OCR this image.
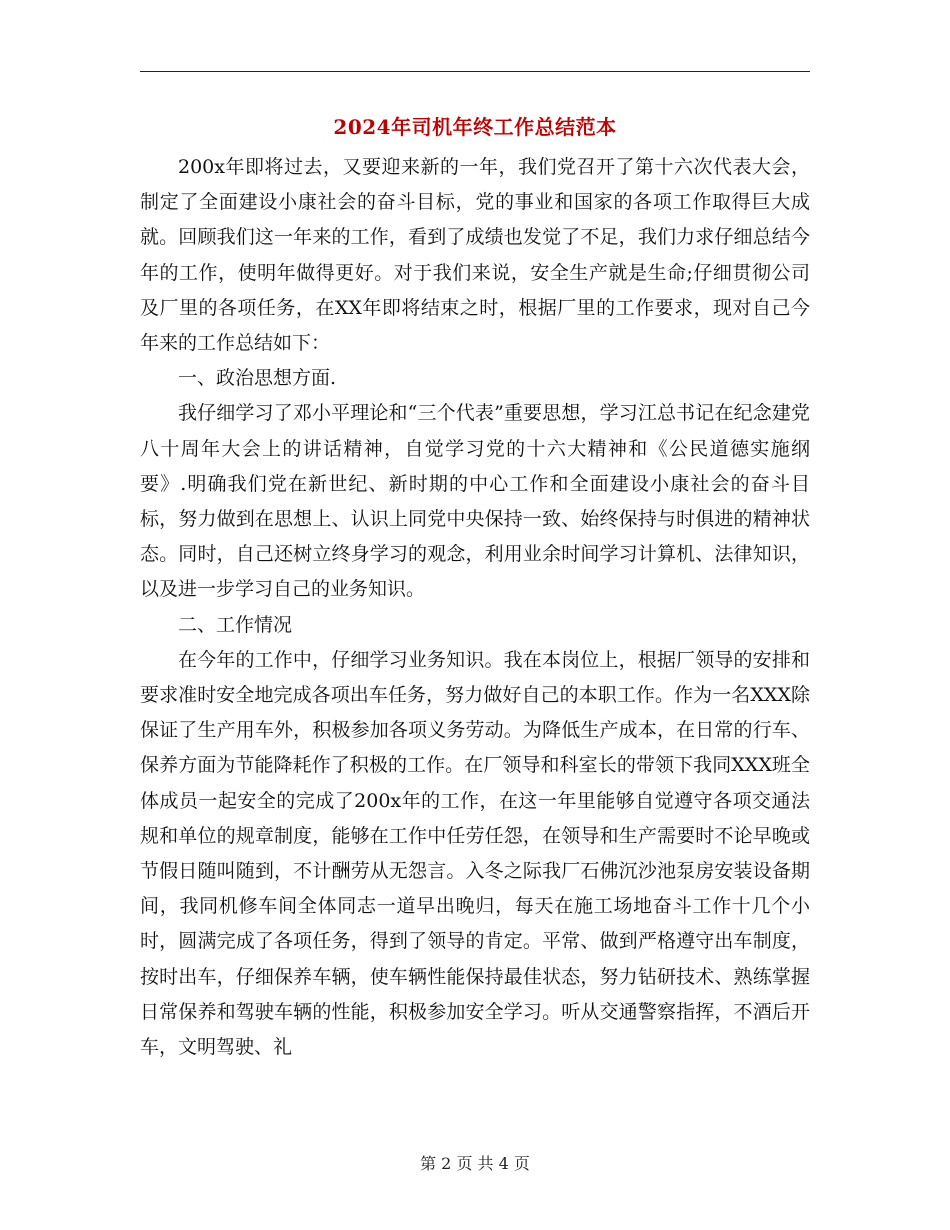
2024年司机年终工作总结范本

200x年即将过去，又要迎来新的一年，我们党召开了第十六次代表大会，制定了全面建设小康社会的奋斗目标，党的事业和国家的各项工作取得巨大成就。回顾我们这一年来的工作，看到了成绩也发觉了不足，我们力求仔细总结今年的工作，使明年做得更好。对于我们来说，安全生产就是生命;仔细贯彻公司及厂里的各项任务，在XX年即将结束之时，根据厂里的工作要求，现对自己今年来的工作总结如下：

一、政治思想方面.

我仔细学习了邓小平理论和“三个代表”重要思想，学习江总书记在纪念建党八十周年大会上的讲话精神，自觉学习党的十六大精神和《公民道德实施纲要》.明确我们党在新世纪、新时期的中心工作和全面建设小康社会的奋斗目标，努力做到在思想上、认识上同党中央保持一致、始终保持与时俱进的精神状态。同时，自己还树立终身学习的观念，利用业余时间学习计算机、法律知识，以及进一步学习自己的业务知识。

二、工作情况

在今年的工作中，仔细学习业务知识。我在本岗位上，根据厂领导的安排和要求准时安全地完成各项出车任务，努力做好自己的本职工作。作为一名XXX除保证了生产用车外，积极参加各项义务劳动。为降低生产成本，在日常的行车、保养方面为节能降耗作了积极的工作。在厂领导和科室长的带领下我同XXX班全体成员一起安全的完成了200x年的工作，在这一年里能够自觉遵守各项交通法规和单位的规章制度，能够在工作中任劳任怨，在领导和生产需要时不论早晚或节假日随叫随到，不计酬劳从无怨言。入冬之际我厂石佛沉沙池泵房安装设备期间，我同机修车间全体同志一道早出晚归，每天在施工场地奋斗工作十几个小时，圆满完成了各项任务，得到了领导的肯定。平常、做到严格遵守出车制度，按时出车，仔细保养车辆，使车辆性能保持最佳状态，努力钻研技术、熟练掌握日常保养和驾驶车辆的性能，积极参加安全学习。听从交通警察指挥，不酒后开车，文明驾驶、礼

第 2 页 共 4 页
